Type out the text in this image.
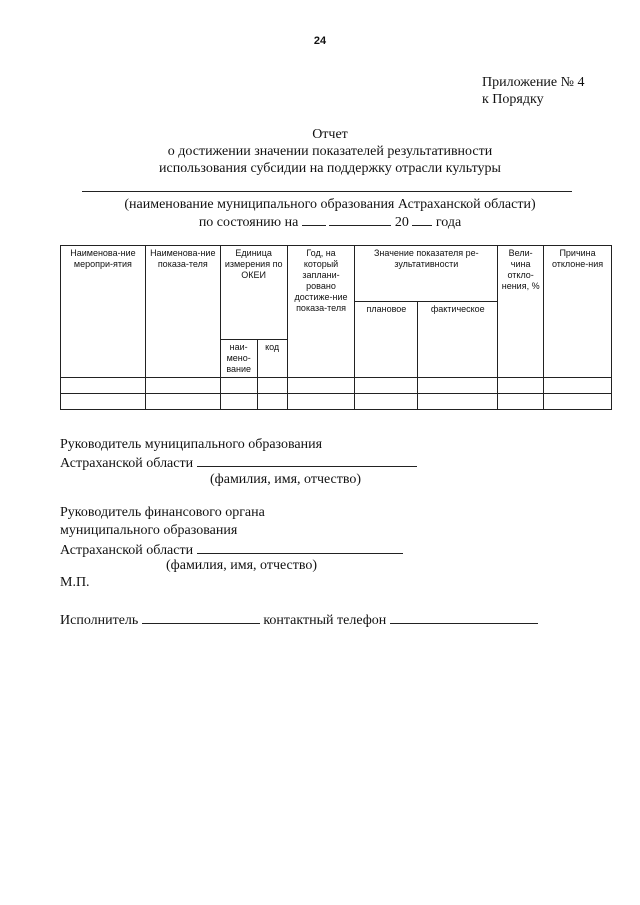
24
Приложение № 4
к Порядку
Отчет
о достижении значении показателей результативности
использования субсидии на поддержку отрасли культуры
(наименование муниципального образования Астраханской области)
по состоянию на	20 года
Наименова-ние меропри-ятия	Наименова-ние показа-теля	Единица измерения по ОКЕИ		Год, на который заплани-ровано достиже-ние показа-теля	Значение показателя ре-зультативности		Вели-чина откло-нения, %	Причина отклоне-ния
					плановое	фактическое		
		наи-мено-вание	код					

Руководитель муниципального образования
Астраханской области
(фамилия, имя, отчество)
Руководитель финансового органа
муниципального образования
Астраханской области
(фамилия, имя, отчество)
М.П.
Исполнитель	контактный телефон
